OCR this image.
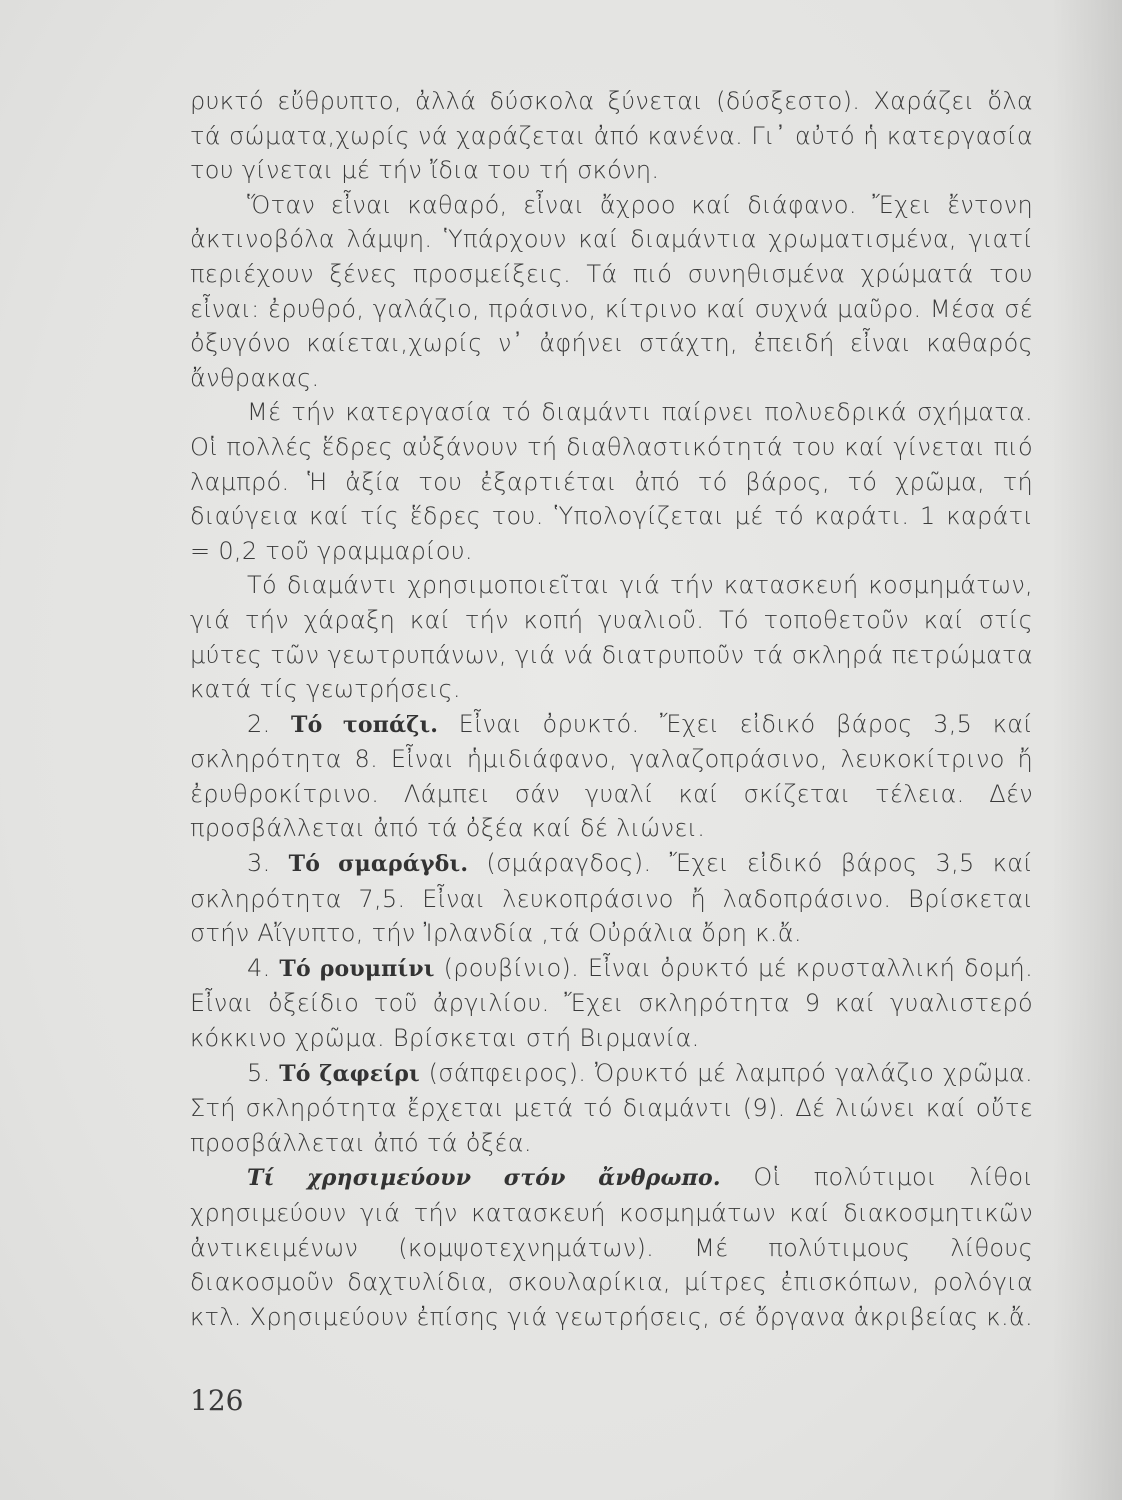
ρυκτό εὔθρυπτο, ἀλλά δύσκολα ξύνεται (δύσξεστο). Χαράζει ὅλα τά σώματα,χωρίς νά χαράζεται ἀπό κανένα. Γι᾽ αὐτό ἡ κατεργασία του γίνεται μέ τήν ἴδια του τή σκόνη.

Ὅταν εἶναι καθαρό, εἶναι ἄχροο καί διάφανο. Ἔχει ἔντονη ἀκτινοβόλα λάμψη. Ὑπάρχουν καί διαμάντια χρωματισμένα, γιατί περιέχουν ξένες προσμείξεις. Τά πιό συνηθισμένα χρώματά του εἶναι: ἐρυθρό, γαλάζιο, πράσινο, κίτρινο καί συχνά μαῦρο. Μέσα σέ ὀξυγόνο καίεται,χωρίς ν᾽ ἀφήνει στάχτη, ἐπειδή εἶναι καθαρός ἄνθρακας.

Μέ τήν κατεργασία τό διαμάντι παίρνει πολυεδρικά σχήματα. Οἱ πολλές ἕδρες αὐξάνουν τή διαθλαστικότητά του καί γίνεται πιό λαμπρό. Ἡ ἀξία του ἐξαρτιέται ἀπό τό βάρος, τό χρῶμα, τή διαύγεια καί τίς ἕδρες του. Ὑπολογίζεται μέ τό καράτι. 1 καράτι = 0,2 τοῦ γραμμαρίου.

Τό διαμάντι χρησιμοποιεῖται γιά τήν κατασκευή κοσμημάτων, γιά τήν χάραξη καί τήν κοπή γυαλιοῦ. Τό τοποθετοῦν καί στίς μύτες τῶν γεωτρυπάνων, γιά νά διατρυποῦν τά σκληρά πετρώματα κατά τίς γεωτρήσεις.

2. Τό τοπάζι. Εἶναι ὀρυκτό. Ἔχει εἰδικό βάρος 3,5 καί σκληρότητα 8. Εἶναι ἡμιδιάφανο, γαλαζοπράσινο, λευκοκίτρινο ἤ ἐρυθροκίτρινο. Λάμπει σάν γυαλί καί σκίζεται τέλεια. Δέν προσβάλλεται ἀπό τά ὀξέα καί δέ λιώνει.

3. Τό σμαράγδι. (σμάραγδος). Ἔχει εἰδικό βάρος 3,5 καί σκληρότητα 7,5. Εἶναι λευκοπράσινο ἤ λαδοπράσινο. Βρίσκεται στήν Αἴγυπτο, τήν Ἰρλανδία ,τά Οὐράλια ὄρη κ.ἄ.

4. Τό ρουμπίνι (ρουβίνιο). Εἶναι ὀρυκτό μέ κρυσταλλική δομή. Εἶναι ὀξείδιο τοῦ ἀργιλίου. Ἔχει σκληρότητα 9 καί γυαλιστερό κόκκινο χρῶμα. Βρίσκεται στή Βιρμανία.

5. Τό ζαφείρι (σάπφειρος). Ὀρυκτό μέ λαμπρό γαλάζιο χρῶμα. Στή σκληρότητα ἔρχεται μετά τό διαμάντι (9). Δέ λιώνει καί οὔτε προσβάλλεται ἀπό τά ὀξέα.

Τί χρησιμεύουν στόν ἄνθρωπο. Οἱ πολύτιμοι λίθοι χρησιμεύουν γιά τήν κατασκευή κοσμημάτων καί διακοσμητικῶν ἀντικειμένων (κομψοτεχνημάτων). Μέ πολύτιμους λίθους διακοσμοῦν δαχτυλίδια, σκουλαρίκια, μίτρες ἐπισκόπων, ρολόγια κτλ. Χρησιμεύουν ἐπίσης γιά γεωτρήσεις, σέ ὄργανα ἀκριβείας κ.ἄ.

126
